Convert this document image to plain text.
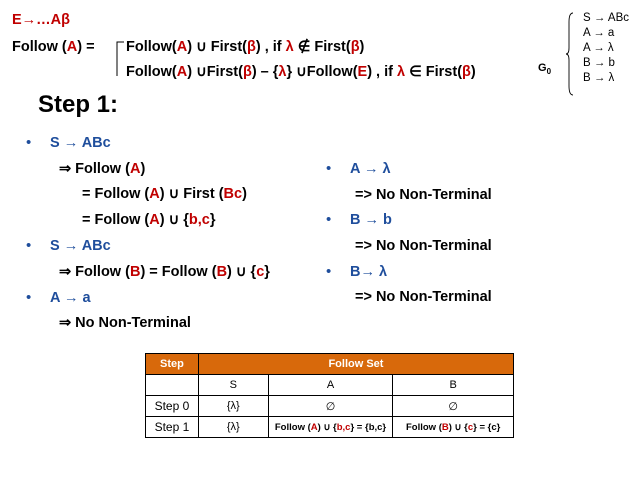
E→…Aβ
Follow (A) = Follow(A) ∪ First(β) , if λ ∉ First(β)
Follow(A) ∪First(β) – {λ} ∪Follow(E) , if λ ∈ First(β)	$G_0$
S → ABc
A → a
A → λ
B → b
B → λ
Step 1:
• S → ABc
⇒ Follow (A)
= Follow (A) ∪ First (Bc)
= Follow (A) ∪ {b,c}
• S → ABc
⇒ Follow (B) = Follow (B) ∪ {c}
• A → a
⇒ No Non-Terminal
• A → λ
=> No Non-Terminal
• B → b
=> No Non-Terminal
• B→ λ
=> No Non-Terminal
Step	Follow Set		
	S	A	B
Step 0	{λ}	∅	∅
Step 1	{λ}	Follow (A) ∪ {b,c} = {b,c}	Follow (B) ∪ {c} = {c}
